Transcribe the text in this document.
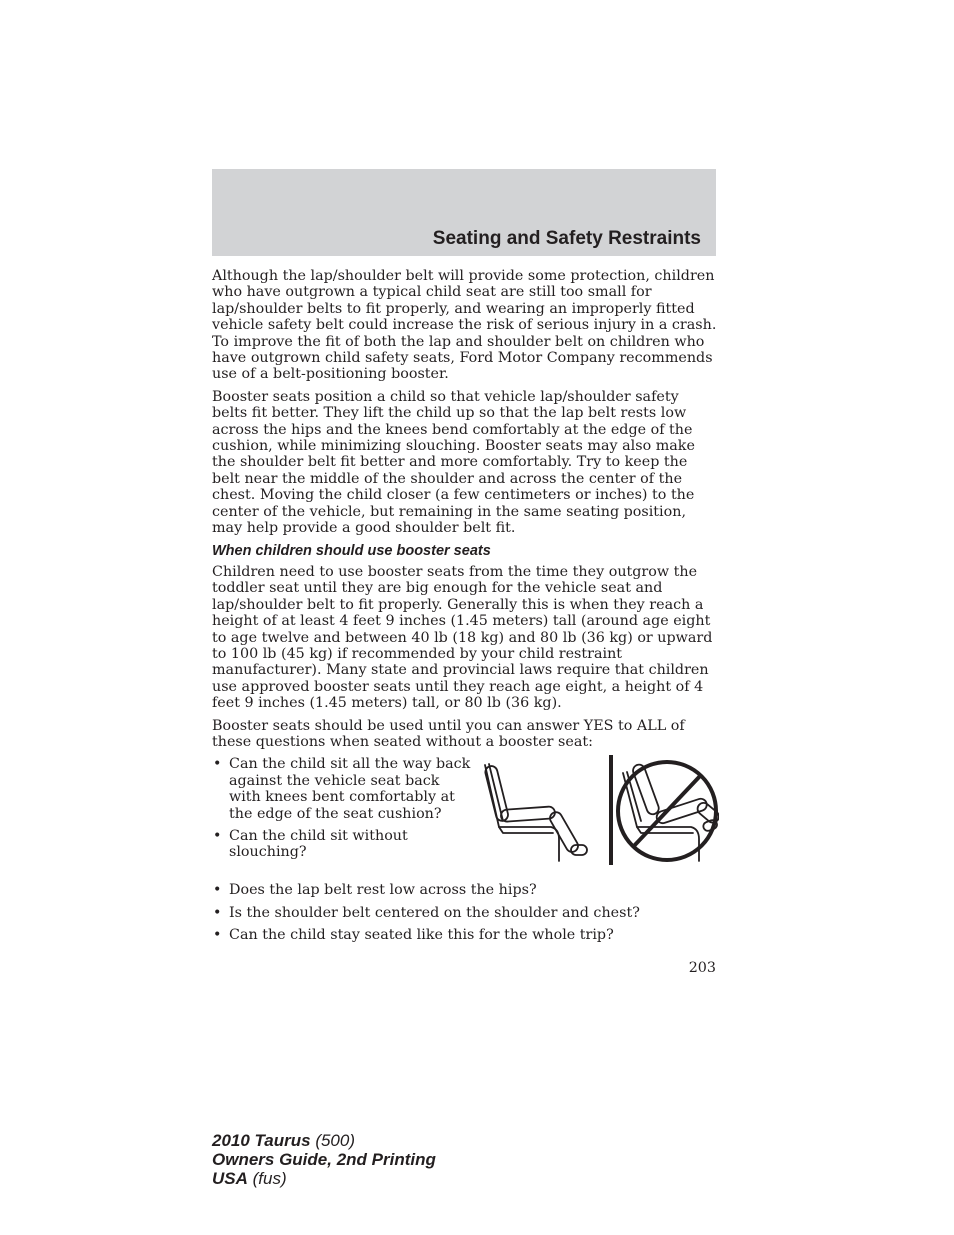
Seating and Safety Restraints

Although the lap/shoulder belt will provide some protection, children who have outgrown a typical child seat are still too small for lap/shoulder belts to fit properly, and wearing an improperly fitted vehicle safety belt could increase the risk of serious injury in a crash. To improve the fit of both the lap and shoulder belt on children who have outgrown child safety seats, Ford Motor Company recommends use of a belt-positioning booster.

Booster seats position a child so that vehicle lap/shoulder safety belts fit better. They lift the child up so that the lap belt rests low across the hips and the knees bend comfortably at the edge of the cushion, while minimizing slouching. Booster seats may also make the shoulder belt fit better and more comfortably. Try to keep the belt near the middle of the shoulder and across the center of the chest. Moving the child closer (a few centimeters or inches) to the center of the vehicle, but remaining in the same seating position, may help provide a good shoulder belt fit.

When children should use booster seats

Children need to use booster seats from the time they outgrow the toddler seat until they are big enough for the vehicle seat and lap/shoulder belt to fit properly. Generally this is when they reach a height of at least 4 feet 9 inches (1.45 meters) tall (around age eight to age twelve and between 40 lb (18 kg) and 80 lb (36 kg) or upward to 100 lb (45 kg) if recommended by your child restraint manufacturer). Many state and provincial laws require that children use approved booster seats until they reach age eight, a height of 4 feet 9 inches (1.45 meters) tall, or 80 lb (36 kg).

Booster seats should be used until you can answer YES to ALL of these questions when seated without a booster seat:

• Can the child sit all the way back against the vehicle seat back with knees bent comfortably at the edge of the seat cushion?
• Can the child sit without slouching?
• Does the lap belt rest low across the hips?
• Is the shoulder belt centered on the shoulder and chest?
• Can the child stay seated like this for the whole trip?
203
2010 Taurus (500)
Owners Guide, 2nd Printing
USA (fus)
